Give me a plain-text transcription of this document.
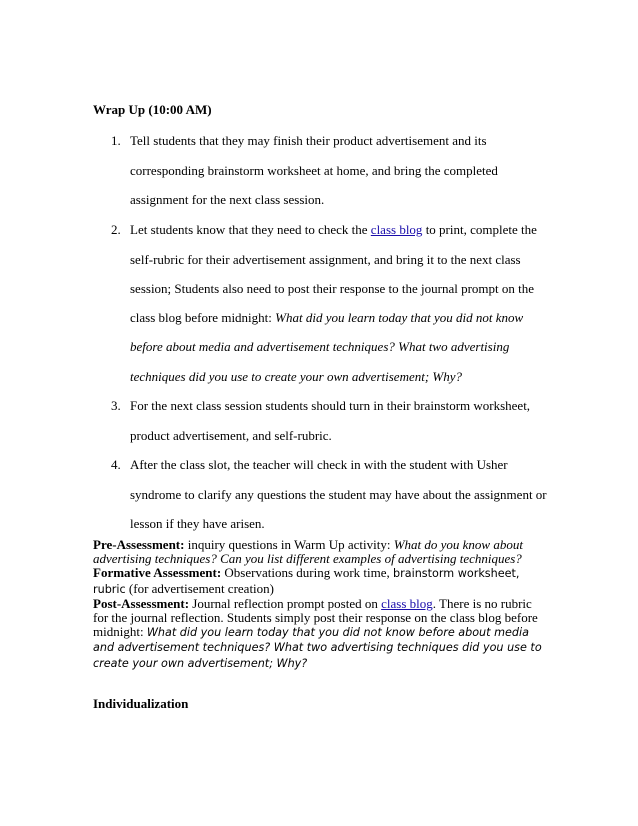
Wrap Up (10:00 AM)
1. Tell students that they may finish their product advertisement and its
corresponding brainstorm worksheet at home, and bring the completed
assignment for the next class session.
2. Let students know that they need to check the class blog to print, complete the
self-rubric for their advertisement assignment, and bring it to the next class
session; Students also need to post their response to the journal prompt on the
class blog before midnight: What did you learn today that you did not know
before about media and advertisement techniques? What two advertising
techniques did you use to create your own advertisement; Why?
3. For the next class session students should turn in their brainstorm worksheet,
product advertisement, and self-rubric.
4. After the class slot, the teacher will check in with the student with Usher
syndrome to clarify any questions the student may have about the assignment or
lesson if they have arisen.
Pre-Assessment: inquiry questions in Warm Up activity: What do you know about advertising techniques? Can you list different examples of advertising techniques?
Formative Assessment: Observations during work time, brainstorm worksheet, rubric (for advertisement creation)
Post-Assessment: Journal reflection prompt posted on class blog. There is no rubric for the journal reflection. Students simply post their response on the class blog before midnight: What did you learn today that you did not know before about media and advertisement techniques? What two advertising techniques did you use to create your own advertisement; Why?
Individualization
